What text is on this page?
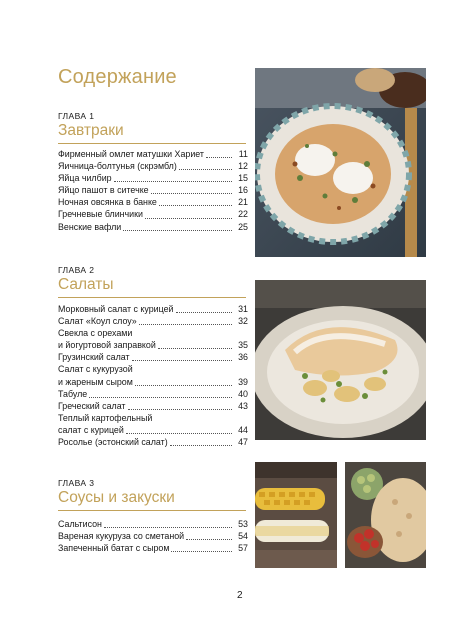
Содержание
ГЛАВА 1
Завтраки
Фирменный омлет матушки Хариет	11
Яичница-болтунья (скрэмбл)	12
Яйца чилбир	15
Яйцо пашот в ситечке	16
Ночная овсянка в банке	21
Гречневые блинчики	22
Венские вафли	25
ГЛАВА 2
Салаты
Морковный салат с курицей	31
Салат «Коул слоу»	32
Свекла с орехами
и йогуртовой заправкой	35
Грузинский салат	36
Салат с кукурузой
и жареным сыром	39
Табуле	40
Греческий салат	43
Теплый картофельный
салат с курицей	44
Росолье (эстонский салат)	47
ГЛАВА 3
Соусы и закуски
Сальтисон	53
Вареная кукуруза со сметаной	54
Запеченный батат с сыром	57
2
